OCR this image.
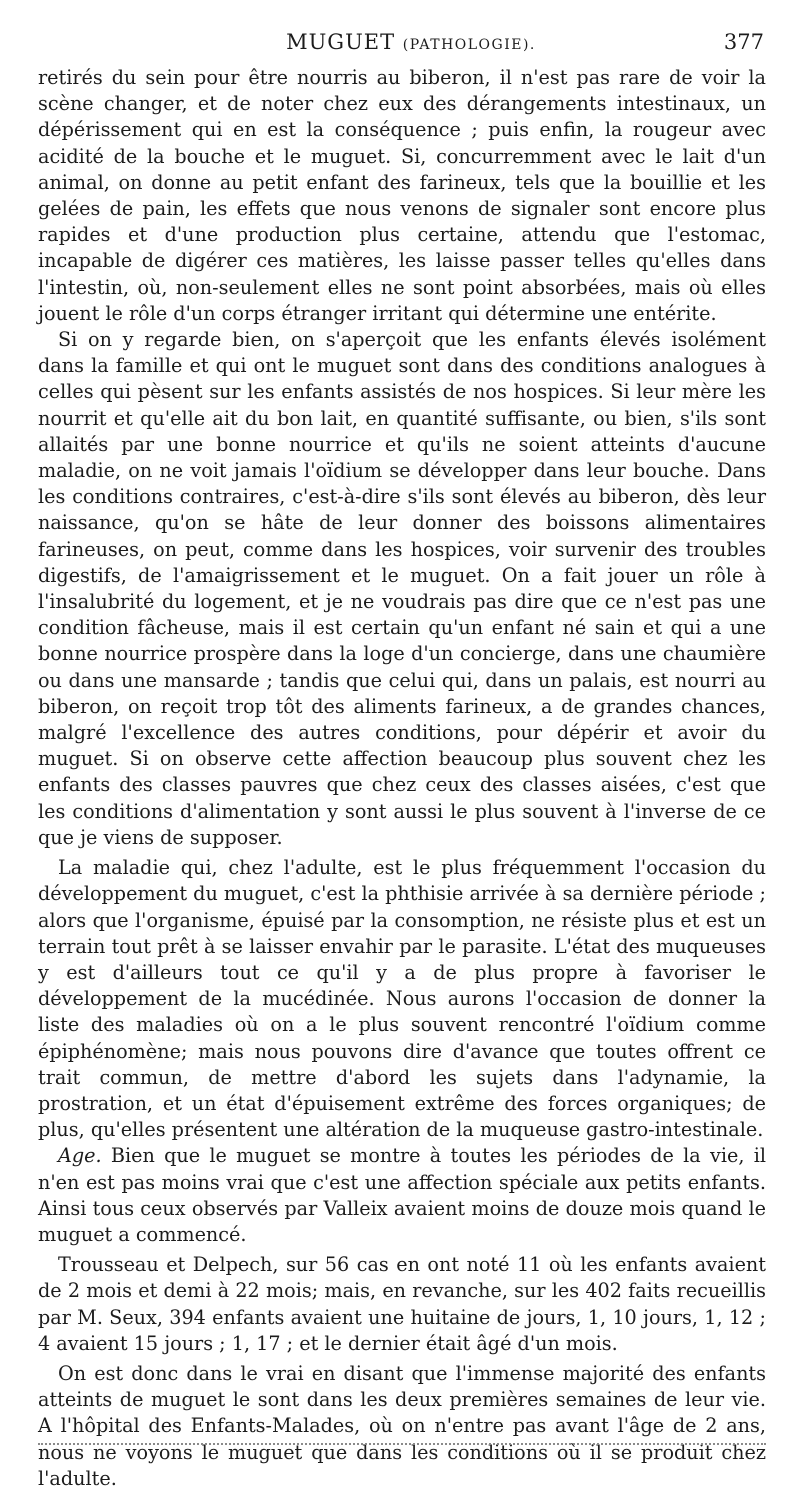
MUGUET (PATHOLOGIE).	377

retirés du sein pour être nourris au biberon, il n'est pas rare de voir la scène changer, et de noter chez eux des dérangements intestinaux, un dépérissement qui en est la conséquence ; puis enfin, la rougeur avec acidité de la bouche et le muguet. Si, concurremment avec le lait d'un animal, on donne au petit enfant des farineux, tels que la bouillie et les gelées de pain, les effets que nous venons de signaler sont encore plus rapides et d'une production plus certaine, attendu que l'estomac, incapable de digérer ces matières, les laisse passer telles qu'elles dans l'intestin, où, non-seulement elles ne sont point absorbées, mais où elles jouent le rôle d'un corps étranger irritant qui détermine une entérite.

Si on y regarde bien, on s'aperçoit que les enfants élevés isolément dans la famille et qui ont le muguet sont dans des conditions analogues à celles qui pèsent sur les enfants assistés de nos hospices. Si leur mère les nourrit et qu'elle ait du bon lait, en quantité suffisante, ou bien, s'ils sont allaités par une bonne nourrice et qu'ils ne soient atteints d'aucune maladie, on ne voit jamais l'oïdium se développer dans leur bouche. Dans les conditions contraires, c'est-à-dire s'ils sont élevés au biberon, dès leur naissance, qu'on se hâte de leur donner des boissons alimentaires farineuses, on peut, comme dans les hospices, voir survenir des troubles digestifs, de l'amaigrissement et le muguet. On a fait jouer un rôle à l'insalubrité du logement, et je ne voudrais pas dire que ce n'est pas une condition fâcheuse, mais il est certain qu'un enfant né sain et qui a une bonne nourrice prospère dans la loge d'un concierge, dans une chaumière ou dans une mansarde ; tandis que celui qui, dans un palais, est nourri au biberon, on reçoit trop tôt des aliments farineux, a de grandes chances, malgré l'excellence des autres conditions, pour dépérir et avoir du muguet. Si on observe cette affection beaucoup plus souvent chez les enfants des classes pauvres que chez ceux des classes aisées, c'est que les conditions d'alimentation y sont aussi le plus souvent à l'inverse de ce que je viens de supposer.

La maladie qui, chez l'adulte, est le plus fréquemment l'occasion du développement du muguet, c'est la phthisie arrivée à sa dernière période ; alors que l'organisme, épuisé par la consomption, ne résiste plus et est un terrain tout prêt à se laisser envahir par le parasite. L'état des muqueuses y est d'ailleurs tout ce qu'il y a de plus propre à favoriser le développement de la mucédinée. Nous aurons l'occasion de donner la liste des maladies où on a le plus souvent rencontré l'oïdium comme épiphénomène; mais nous pouvons dire d'avance que toutes offrent ce trait commun, de mettre d'abord les sujets dans l'adynamie, la prostration, et un état d'épuisement extrême des forces organiques; de plus, qu'elles présentent une altération de la muqueuse gastro-intestinale.

Age. Bien que le muguet se montre à toutes les périodes de la vie, il n'en est pas moins vrai que c'est une affection spéciale aux petits enfants. Ainsi tous ceux observés par Valleix avaient moins de douze mois quand le muguet a commencé.

Trousseau et Delpech, sur 56 cas en ont noté 11 où les enfants avaient de 2 mois et demi à 22 mois; mais, en revanche, sur les 402 faits recueillis par M. Seux, 394 enfants avaient une huitaine de jours, 1, 10 jours, 1, 12 ; 4 avaient 15 jours ; 1, 17 ; et le dernier était âgé d'un mois.

On est donc dans le vrai en disant que l'immense majorité des enfants atteints de muguet le sont dans les deux premières semaines de leur vie. A l'hôpital des Enfants-Malades, où on n'entre pas avant l'âge de 2 ans, nous ne voyons le muguet que dans les conditions où il se produit chez l'adulte.
